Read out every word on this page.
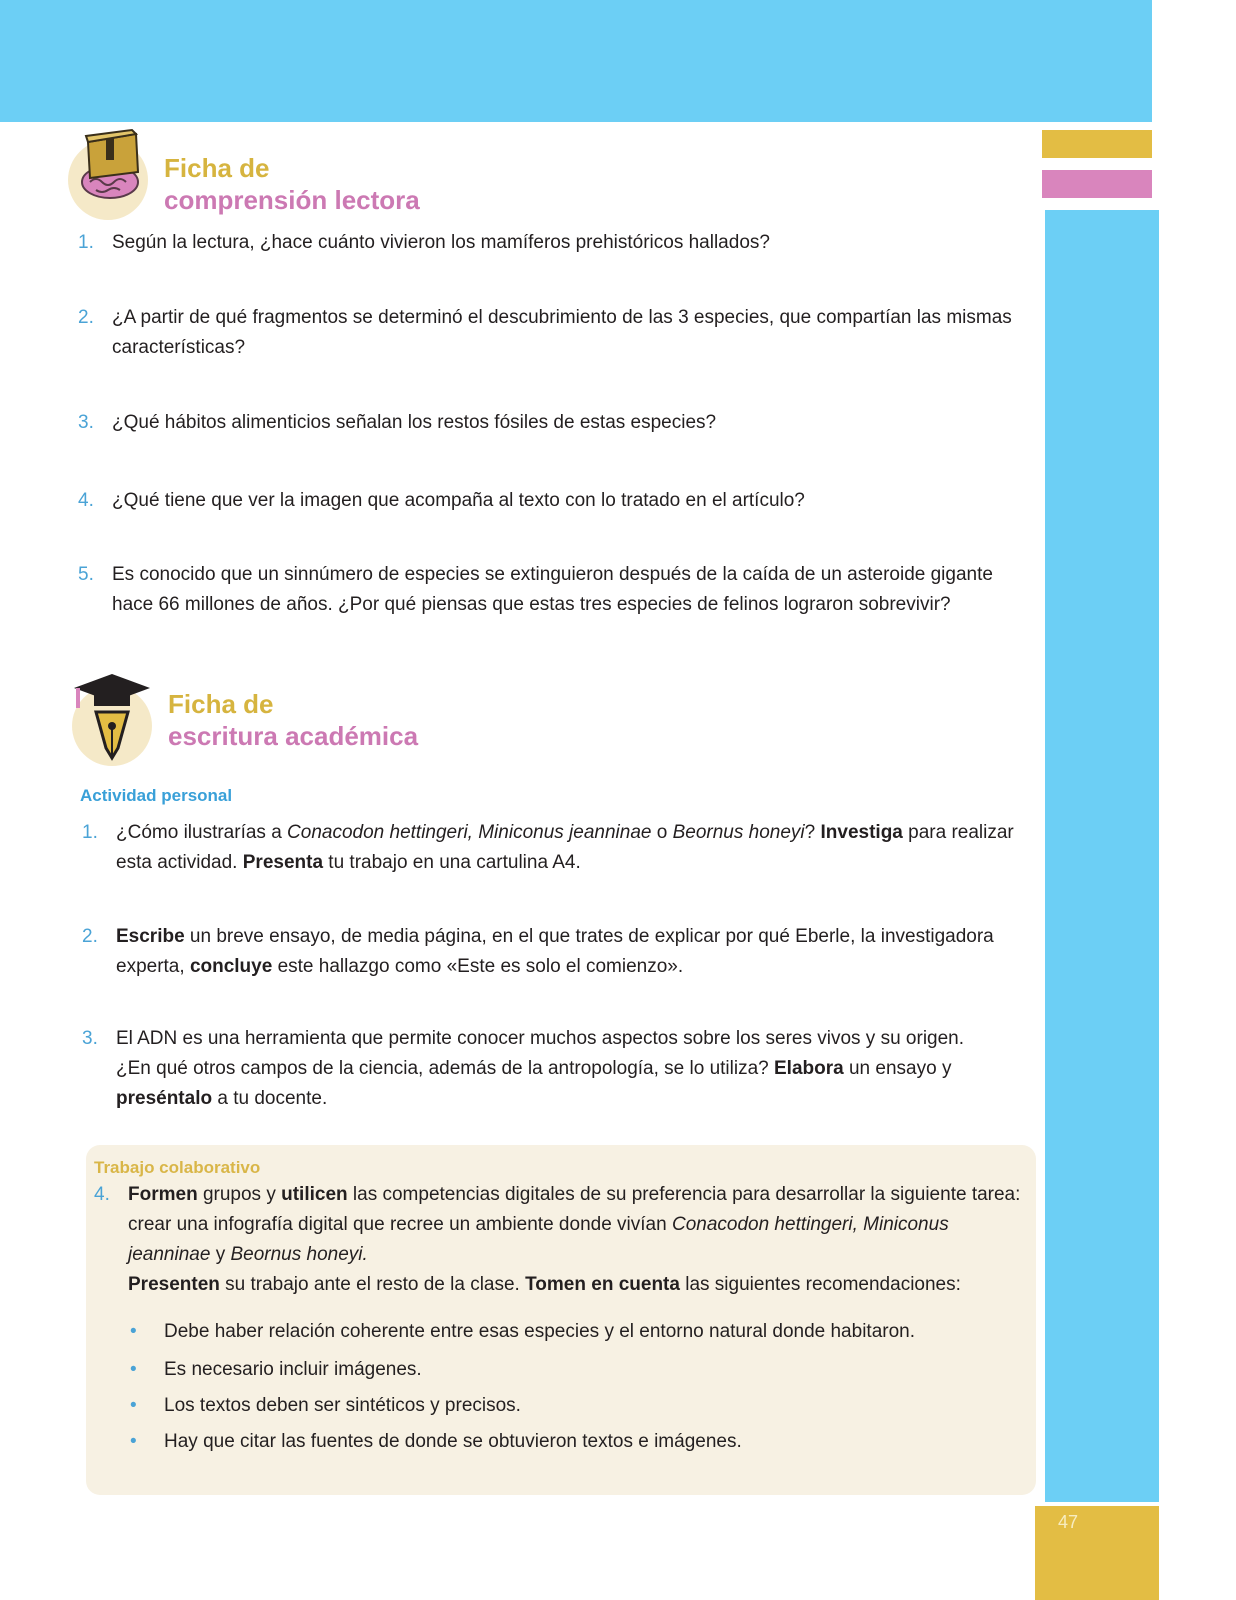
47
Ficha de
comprensión lectora
1. Según la lectura, ¿hace cuánto vivieron los mamíferos prehistóricos hallados?
2. ¿A partir de qué fragmentos se determinó el descubrimiento de las 3 especies, que compartían las mismas características?
3. ¿Qué hábitos alimenticios señalan los restos fósiles de estas especies?
4. ¿Qué tiene que ver la imagen que acompaña al texto con lo tratado en el artículo?
5. Es conocido que un sinnúmero de especies se extinguieron después de la caída de un asteroide gigante hace 66 millones de años. ¿Por qué piensas que estas tres especies de felinos lograron sobrevivir?
Ficha de
escritura académica
Actividad personal
1. ¿Cómo ilustrarías a Conacodon hettingeri, Miniconus jeanninae o Beornus honeyi? Investiga para realizar esta actividad. Presenta tu trabajo en una cartulina A4.
2. Escribe un breve ensayo, de media página, en el que trates de explicar por qué Eberle, la investigadora experta, concluye este hallazgo como «Este es solo el comienzo».
3. El ADN es una herramienta que permite conocer muchos aspectos sobre los seres vivos y su origen. ¿En qué otros campos de la ciencia, además de la antropología, se lo utiliza? Elabora un ensayo y preséntalo a tu docente.
Trabajo colaborativo
4. Formen grupos y utilicen las competencias digitales de su preferencia para desarrollar la siguiente tarea: crear una infografía digital que recree un ambiente donde vivían Conacodon hettingeri, Miniconus jeanninae y Beornus honeyi.
Presenten su trabajo ante el resto de la clase. Tomen en cuenta las siguientes recomendaciones:
• Debe haber relación coherente entre esas especies y el entorno natural donde habitaron.
• Es necesario incluir imágenes.
• Los textos deben ser sintéticos y precisos.
• Hay que citar las fuentes de donde se obtuvieron textos e imágenes.
